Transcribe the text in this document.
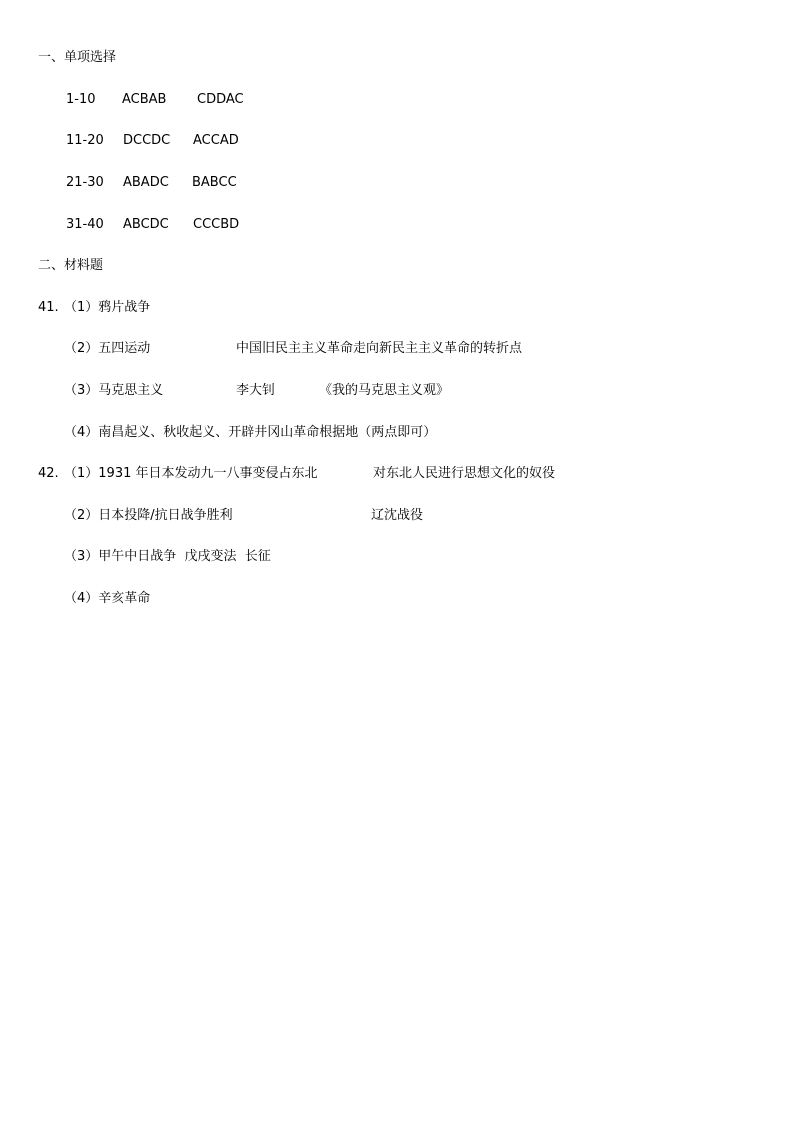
一、单项选择
1-10 ACBAB CDDAC
11-20 DCCDC ACCAD
21-30 ABADC BABCC
31-40 ABCDC CCCBD
二、材料题
41. （1）鸦片战争
（2）五四运动	中国旧民主主义革命走向新民主主义革命的转折点
（3）马克思主义	李大钊	《我的马克思主义观》
（4）南昌起义、秋收起义、开辟井冈山革命根据地（两点即可）
42. （1）1931 年日本发动九一八事变侵占东北	对东北人民进行思想文化的奴役
（2）日本投降/抗日战争胜利	辽沈战役
（3）甲午中日战争  戊戌变法  长征
（4）辛亥革命
